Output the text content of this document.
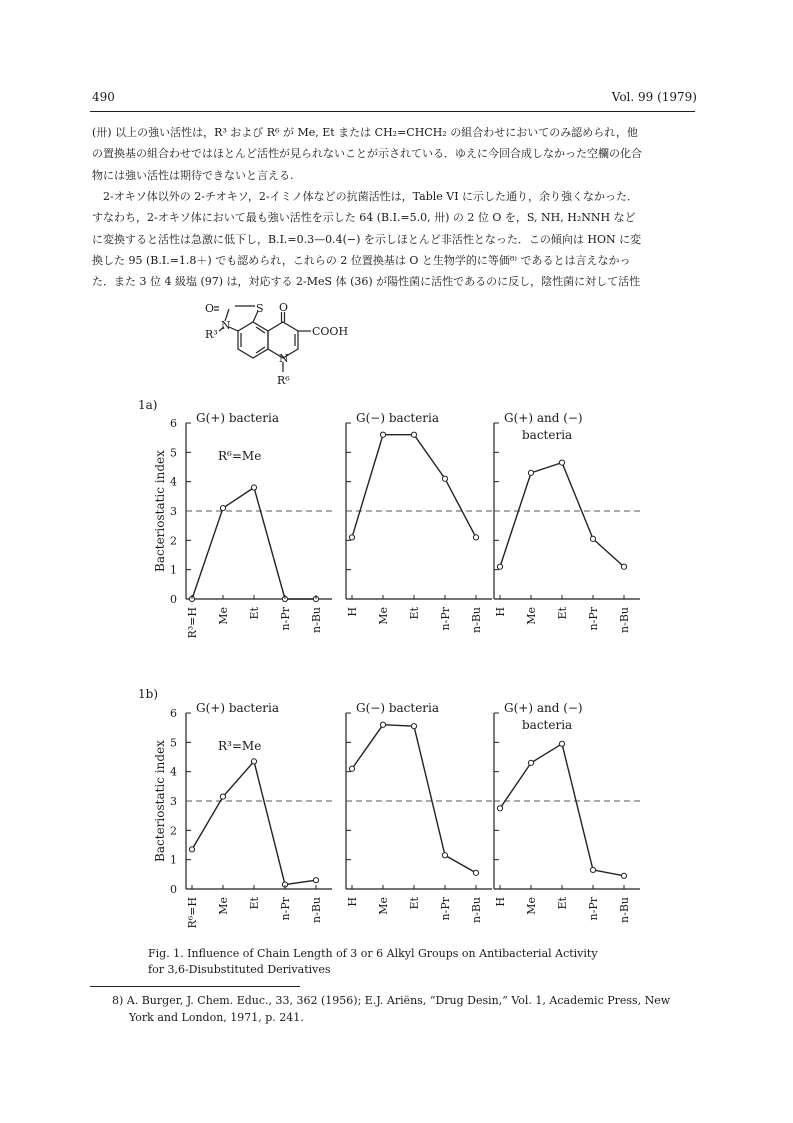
490	Vol. 99 (1979)

(卅) 以上の強い活性は，R³ および R⁶ が Me, Et または CH₂=CHCH₂ の組合わせにおいてのみ認められ，他

の置換基の組合わせではほとんど活性が見られないことが示されている．ゆえに今回合成しなかった空欄の化合

物には強い活性は期待できないと言える.

2-オキソ体以外の 2-チオキソ，2-イミノ体などの抗菌活性は，Table VI に示した通り，余り強くなかった．

すなわち，2-オキソ体において最も強い活性を示した 64 (B.I.=5.0, 卅) の 2 位 O を，S, NH, H₂NNH など

に変換すると活性は急激に低下し，B.I.=0.3—0.4(−) を示しほとんど非活性となった．この傾向は HON に変

換した 95 (B.I.=1.8＋) でも認められ，これらの 2 位置換基は O と生物学的に等価⁸⁾ であるとは言えなかっ

た．また 3 位 4 級塩 (97) は，対応する 2-MeS 体 (36) が陽性菌に活性であるのに反し，陰性菌に対して活性

O	S O
N
N
R³
R⁶
COOH
1a)
1b)
0
1
2
3
4
5
6
Bacteriostatic index
G(+) bacteria
R⁶=Me
R³=H Me Et n-Pr n-Bu
G(−) bacteria
H Me Et n-Pr n-Bu
G(+) and (−)
bacteria
H Me Et n-Pr n-Bu
0
1
2
3
4
5
6
Bacteriostatic index
G(+) bacteria
R³=Me
R⁶=H Me Et n-Pr n-Bu
G(−) bacteria
H Me Et n-Pr n-Bu
G(+) and (−)
bacteria
H Me Et n-Pr n-Bu

Fig. 1. Influence of Chain Length of 3 or 6 Alkyl Groups on Antibacterial Activity
for 3,6-Disubstituted Derivatives

8) A. Burger, J. Chem. Educ., 33, 362 (1956); E.J. Ariëns, “Drug Desin,” Vol. 1, Academic Press, New
York and London, 1971, p. 241.
